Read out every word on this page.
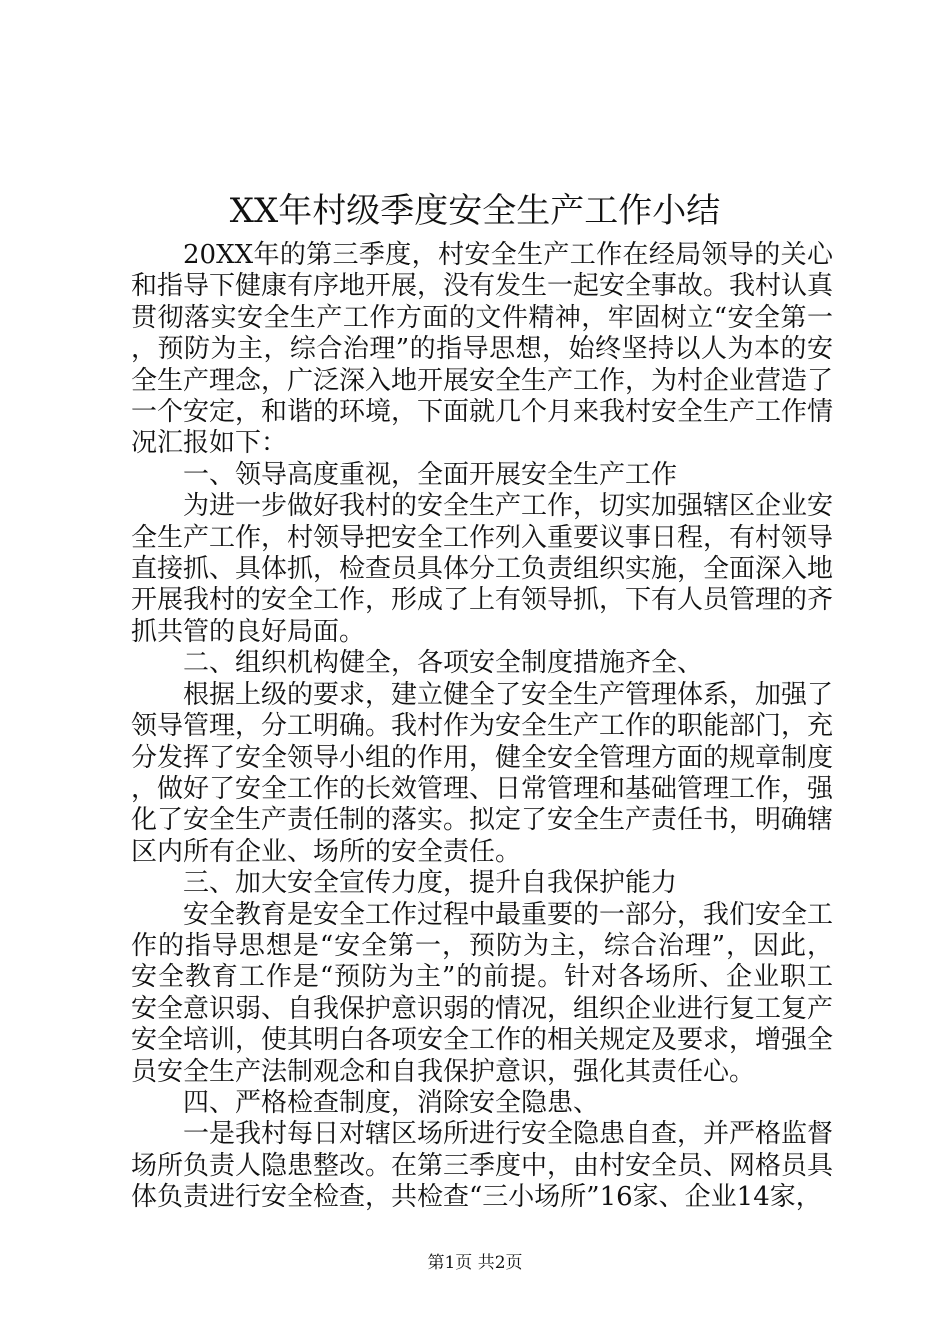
XX年村级季度安全生产工作小结

20XX年的第三季度，村安全生产工作在经局领导的关心和指导下健康有序地开展，没有发生一起安全事故。我村认真贯彻落实安全生产工作方面的文件精神，牢固树立“安全第一，预防为主，综合治理”的指导思想，始终坚持以人为本的安全生产理念，广泛深入地开展安全生产工作，为村企业营造了一个安定，和谐的环境，下面就几个月来我村安全生产工作情况汇报如下：

一、领导高度重视，全面开展安全生产工作

为进一步做好我村的安全生产工作，切实加强辖区企业安全生产工作，村领导把安全工作列入重要议事日程，有村领导直接抓、具体抓，检查员具体分工负责组织实施，全面深入地开展我村的安全工作，形成了上有领导抓，下有人员管理的齐抓共管的良好局面。

二、组织机构健全，各项安全制度措施齐全、

根据上级的要求，建立健全了安全生产管理体系，加强了领导管理，分工明确。我村作为安全生产工作的职能部门，充分发挥了安全领导小组的作用，健全安全管理方面的规章制度，做好了安全工作的长效管理、日常管理和基础管理工作，强化了安全生产责任制的落实。拟定了安全生产责任书，明确辖区内所有企业、场所的安全责任。

三、加大安全宣传力度，提升自我保护能力

安全教育是安全工作过程中最重要的一部分，我们安全工作的指导思想是“安全第一，预防为主，综合治理”，因此，安全教育工作是“预防为主”的前提。针对各场所、企业职工安全意识弱、自我保护意识弱的情况，组织企业进行复工复产安全培训，使其明白各项安全工作的相关规定及要求，增强全员安全生产法制观念和自我保护意识，强化其责任心。

四、严格检查制度，消除安全隐患、

一是我村每日对辖区场所进行安全隐患自查，并严格监督场所负责人隐患整改。在第三季度中，由村安全员、网格员具体负责进行安全检查，共检查“三小场所”16家、企业14家，

第1页 共2页
